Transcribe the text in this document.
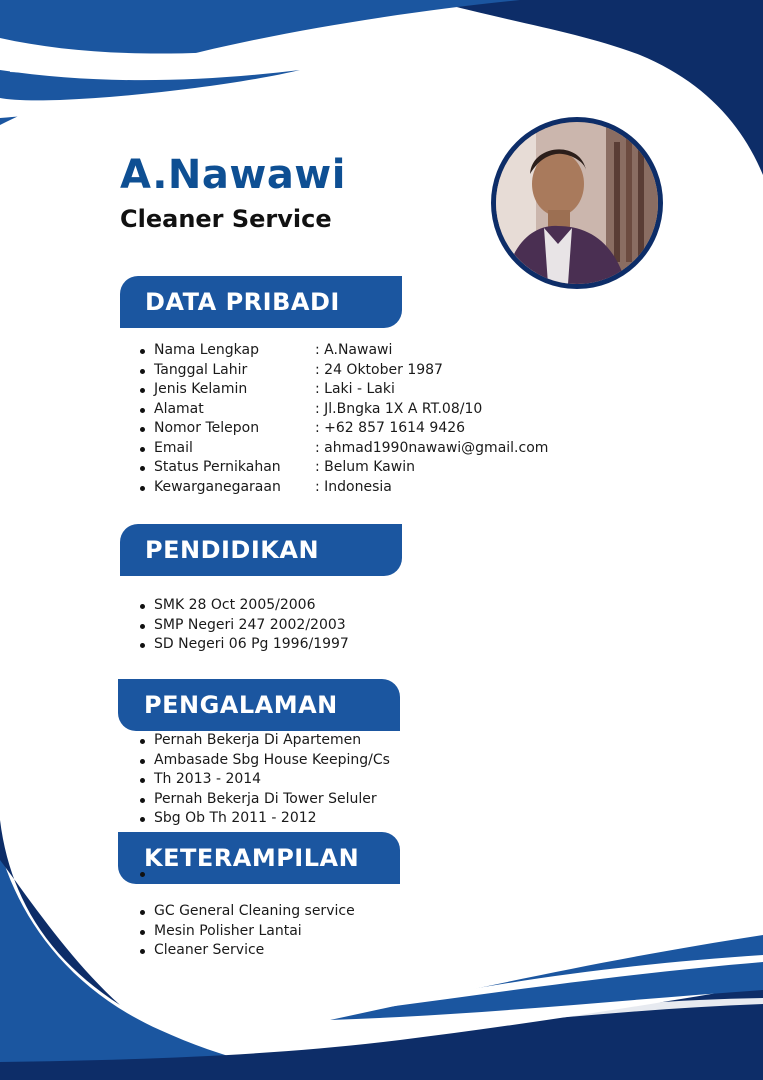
A.Nawawi
Cleaner Service
DATA PRIBADI
Nama Lengkap	: A.Nawawi
Tanggal Lahir	: 24 Oktober 1987
Jenis Kelamin	: Laki - Laki
Alamat	: Jl.Bngka 1X A RT.08/10
Nomor Telepon	: +62 857 1614 9426
Email	: ahmad1990nawawi@gmail.com
Status Pernikahan : Belum Kawin
Kewarganegaraan : Indonesia
PENDIDIKAN
SMK 28 Oct 2005/2006
SMP Negeri 247 2002/2003
SD Negeri 06 Pg 1996/1997
PENGALAMAN
Pernah Bekerja Di Apartemen
Ambasade Sbg House Keeping/Cs
Th 2013 - 2014
Pernah Bekerja Di Tower Seluler
Sbg Ob Th 2011 - 2012
KETERAMPILAN
GC General Cleaning service
Mesin Polisher Lantai
Cleaner Service
